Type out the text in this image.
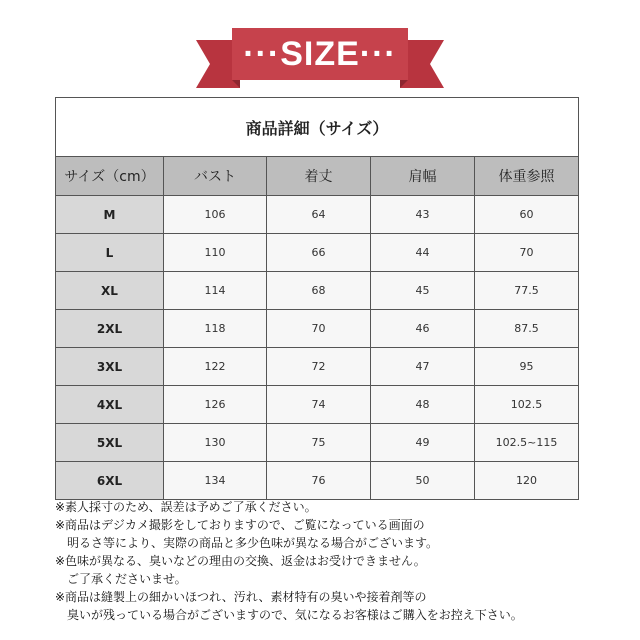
···SIZE···
商品詳細（サイズ）				
サイズ（cm）	バスト	着丈	肩幅	体重参照
M	106	64	43	60
L	110	66	44	70
XL	114	68	45	77.5
2XL	118	70	46	87.5
3XL	122	72	47	95
4XL	126	74	48	102.5
5XL	130	75	49	102.5~115
6XL	134	76	50	120
※素人採寸のため、誤差は予めご了承ください。
※商品はデジカメ撮影をしておりますので、ご覧になっている画面の
明るさ等により、実際の商品と多少色味が異なる場合がございます。
※色味が異なる、臭いなどの理由の交換、返金はお受けできません。
ご了承くださいませ。
※商品は縫製上の細かいほつれ、汚れ、素材特有の臭いや接着剤等の
臭いが残っている場合がございますので、気になるお客様はご購入をお控え下さい。
